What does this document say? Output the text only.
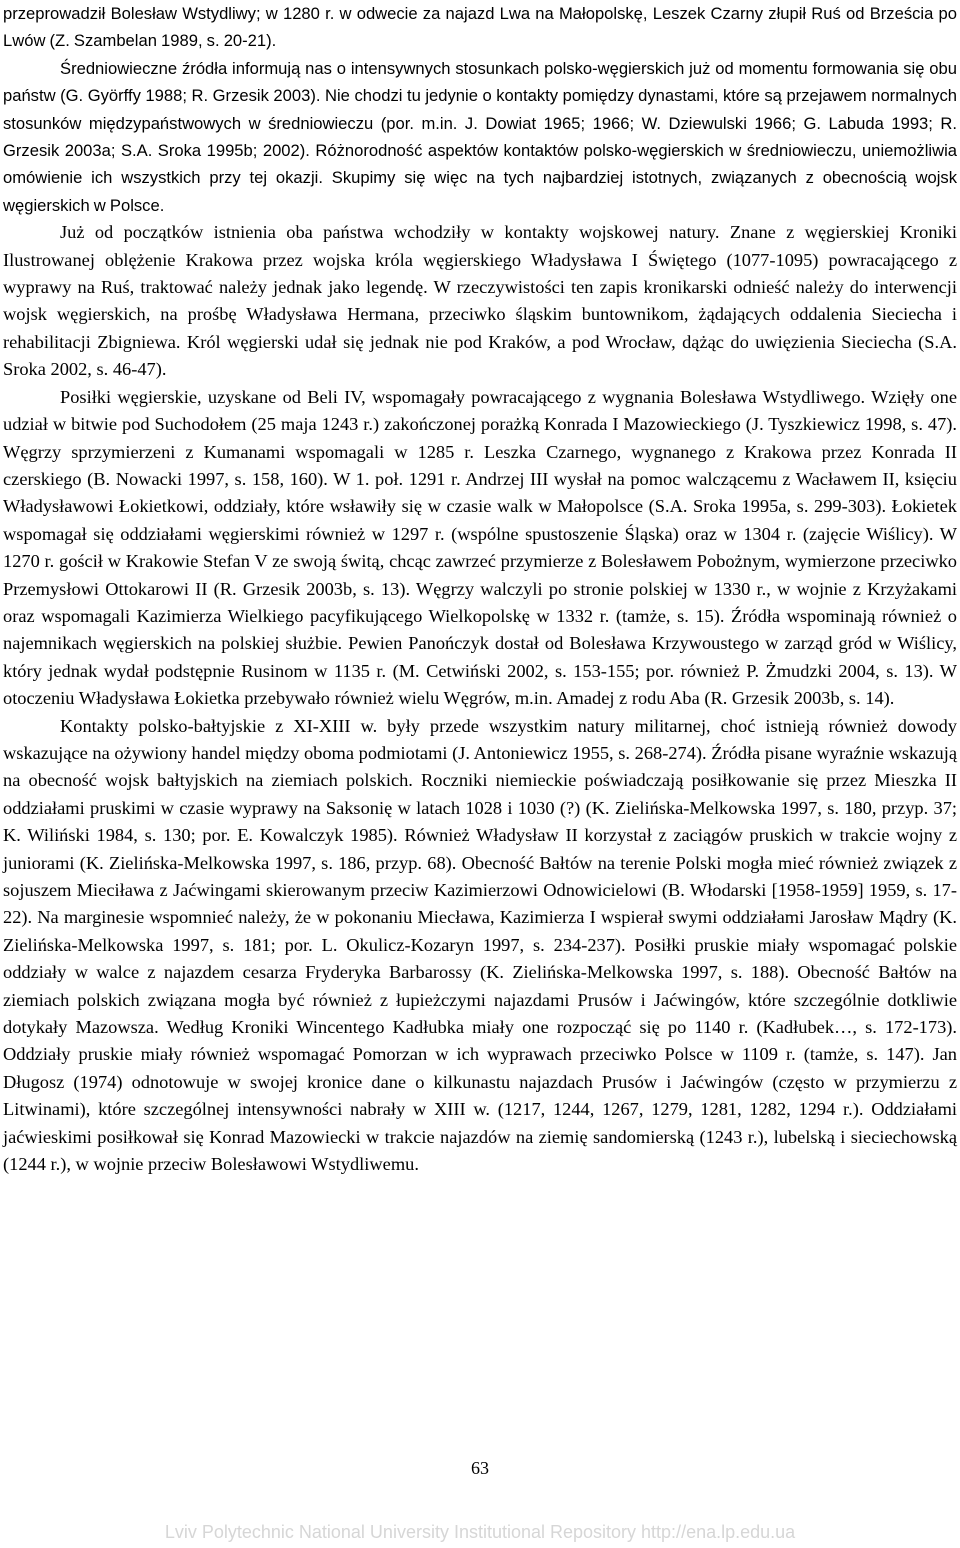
przeprowadził Bolesław Wstydliwy; w 1280 r. w odwecie za najazd Lwa na Małopolskę, Leszek Czarny złupił Ruś od Brześcia po Lwów (Z. Szambelan 1989, s. 20-21).

Średniowieczne źródła informują nas o intensywnych stosunkach polsko-węgierskich już od momentu formowania się obu państw (G. Györffy 1988; R. Grzesik 2003). Nie chodzi tu jedynie o kontakty pomiędzy dynastami, które są przejawem normalnych stosunków międzypaństwowych w średniowieczu (por. m.in. J. Dowiat 1965; 1966; W. Dziewulski 1966; G. Labuda 1993; R. Grzesik 2003a; S.A. Sroka 1995b; 2002). Różnorodność aspektów kontaktów polsko-węgierskich w średniowieczu, uniemożliwia omówienie ich wszystkich przy tej okazji. Skupimy się więc na tych najbardziej istotnych, związanych z obecnością wojsk węgierskich w Polsce.

Już od początków istnienia oba państwa wchodziły w kontakty wojskowej natury. Znane z węgierskiej Kroniki Ilustrowanej oblężenie Krakowa przez wojska króla węgierskiego Władysława I Świętego (1077-1095) powracającego z wyprawy na Ruś, traktować należy jednak jako legendę. W rzeczywistości ten zapis kronikarski odnieść należy do interwencji wojsk węgierskich, na prośbę Władysława Hermana, przeciwko śląskim buntownikom, żądających oddalenia Sieciecha i rehabilitacji Zbigniewa. Król węgierski udał się jednak nie pod Kraków, a pod Wrocław, dążąc do uwięzienia Sieciecha (S.A. Sroka 2002, s. 46-47).

Posiłki węgierskie, uzyskane od Beli IV, wspomagały powracającego z wygnania Bolesława Wstydliwego. Wzięły one udział w bitwie pod Suchodołem (25 maja 1243 r.) zakończonej porażką Konrada I Mazowieckiego (J. Tyszkiewicz 1998, s. 47). Węgrzy sprzymierzeni z Kumanami wspomagali w 1285 r. Leszka Czarnego, wygnanego z Krakowa przez Konrada II czerskiego (B. Nowacki 1997, s. 158, 160). W 1. poł. 1291 r. Andrzej III wysłał na pomoc walczącemu z Wacławem II, księciu Władysławowi Łokietkowi, oddziały, które wsławiły się w czasie walk w Małopolsce (S.A. Sroka 1995a, s. 299-303). Łokietek wspomagał się oddziałami węgierskimi również w 1297 r. (wspólne spustoszenie Śląska) oraz w 1304 r. (zajęcie Wiślicy). W 1270 r. gościł w Krakowie Stefan V ze swoją świtą, chcąc zawrzeć przymierze z Bolesławem Pobożnym, wymierzone przeciwko Przemysłowi Ottokarowi II (R. Grzesik 2003b, s. 13). Węgrzy walczyli po stronie polskiej w 1330 r., w wojnie z Krzyżakami oraz wspomagali Kazimierza Wielkiego pacyfikującego Wielkopolskę w 1332 r. (tamże, s. 15). Źródła wspominają również o najemnikach węgierskich na polskiej służbie. Pewien Panończyk dostał od Bolesława Krzywoustego w zarząd gród w Wiślicy, który jednak wydał podstępnie Rusinom w 1135 r. (M. Cetwiński 2002, s. 153-155; por. również P. Żmudzki 2004, s. 13). W otoczeniu Władysława Łokietka przebywało również wielu Węgrów, m.in. Amadej z rodu Aba (R. Grzesik 2003b, s. 14).

Kontakty polsko-bałtyjskie z XI-XIII w. były przede wszystkim natury militarnej, choć istnieją również dowody wskazujące na ożywiony handel między oboma podmiotami (J. Antoniewicz 1955, s. 268-274). Źródła pisane wyraźnie wskazują na obecność wojsk bałtyjskich na ziemiach polskich. Roczniki niemieckie poświadczają posiłkowanie się przez Mieszka II oddziałami pruskimi w czasie wyprawy na Saksonię w latach 1028 i 1030 (?) (K. Zielińska-Melkowska 1997, s. 180, przyp. 37; K. Wiliński 1984, s. 130; por. E. Kowalczyk 1985). Również Władysław II korzystał z zaciągów pruskich w trakcie wojny z juniorami (K. Zielińska-Melkowska 1997, s. 186, przyp. 68). Obecność Bałtów na terenie Polski mogła mieć również związek z sojuszem Mieciława z Jaćwingami skierowanym przeciw Kazimierzowi Odnowicielowi (B. Włodarski [1958-1959] 1959, s. 17-22). Na marginesie wspomnieć należy, że w pokonaniu Miecława, Kazimierza I wspierał swymi oddziałami Jarosław Mądry (K. Zielińska-Melkowska 1997, s. 181; por. L. Okulicz-Kozaryn 1997, s. 234-237). Posiłki pruskie miały wspomagać polskie oddziały w walce z najazdem cesarza Fryderyka Barbarossy (K. Zielińska-Melkowska 1997, s. 188). Obecność Bałtów na ziemiach polskich związana mogła być również z łupieżczymi najazdami Prusów i Jaćwingów, które szczególnie dotkliwie dotykały Mazowsza. Według Kroniki Wincentego Kadłubka miały one rozpocząć się po 1140 r. (Kadłubek…, s. 172-173). Oddziały pruskie miały również wspomagać Pomorzan w ich wyprawach przeciwko Polsce w 1109 r. (tamże, s. 147). Jan Długosz (1974) odnotowuje w swojej kronice dane o kilkunastu najazdach Prusów i Jaćwingów (często w przymierzu z Litwinami), które szczególnej intensywności nabrały w XIII w. (1217, 1244, 1267, 1279, 1281, 1282, 1294 r.). Oddziałami jaćwieskimi posiłkował się Konrad Mazowiecki w trakcie najazdów na ziemię sandomierską (1243 r.), lubelską i sieciechowską (1244 r.), w wojnie przeciw Bolesławowi Wstydliwemu.

63
Lviv Polytechnic National University Institutional Repository http://ena.lp.edu.ua
